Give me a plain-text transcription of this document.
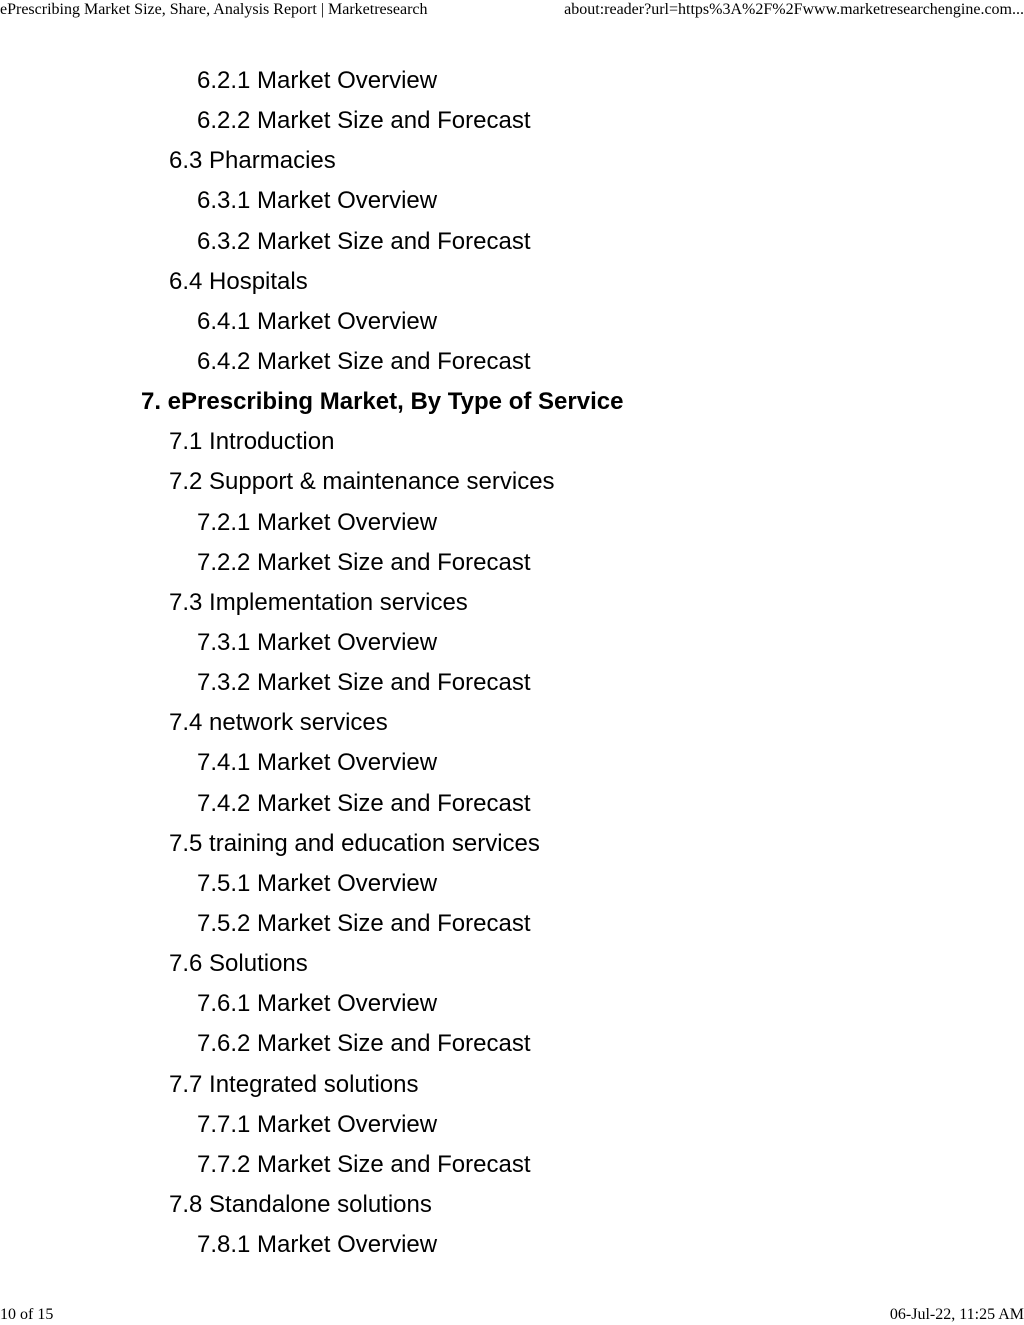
ePrescribing Market Size, Share, Analysis Report | Marketresearch	about:reader?url=https%3A%2F%2Fwww.marketresearchengine.com...
6.2.1 Market Overview
6.2.2 Market Size and Forecast
6.3 Pharmacies
6.3.1 Market Overview
6.3.2 Market Size and Forecast
6.4 Hospitals
6.4.1 Market Overview
6.4.2 Market Size and Forecast
7. ePrescribing Market, By Type of Service
7.1 Introduction
7.2 Support & maintenance services
7.2.1 Market Overview
7.2.2 Market Size and Forecast
7.3 Implementation services
7.3.1 Market Overview
7.3.2 Market Size and Forecast
7.4 network services
7.4.1 Market Overview
7.4.2 Market Size and Forecast
7.5 training and education services
7.5.1 Market Overview
7.5.2 Market Size and Forecast
7.6 Solutions
7.6.1 Market Overview
7.6.2 Market Size and Forecast
7.7 Integrated solutions
7.7.1 Market Overview
7.7.2 Market Size and Forecast
7.8 Standalone solutions
7.8.1 Market Overview
10 of 15	06-Jul-22, 11:25 AM
